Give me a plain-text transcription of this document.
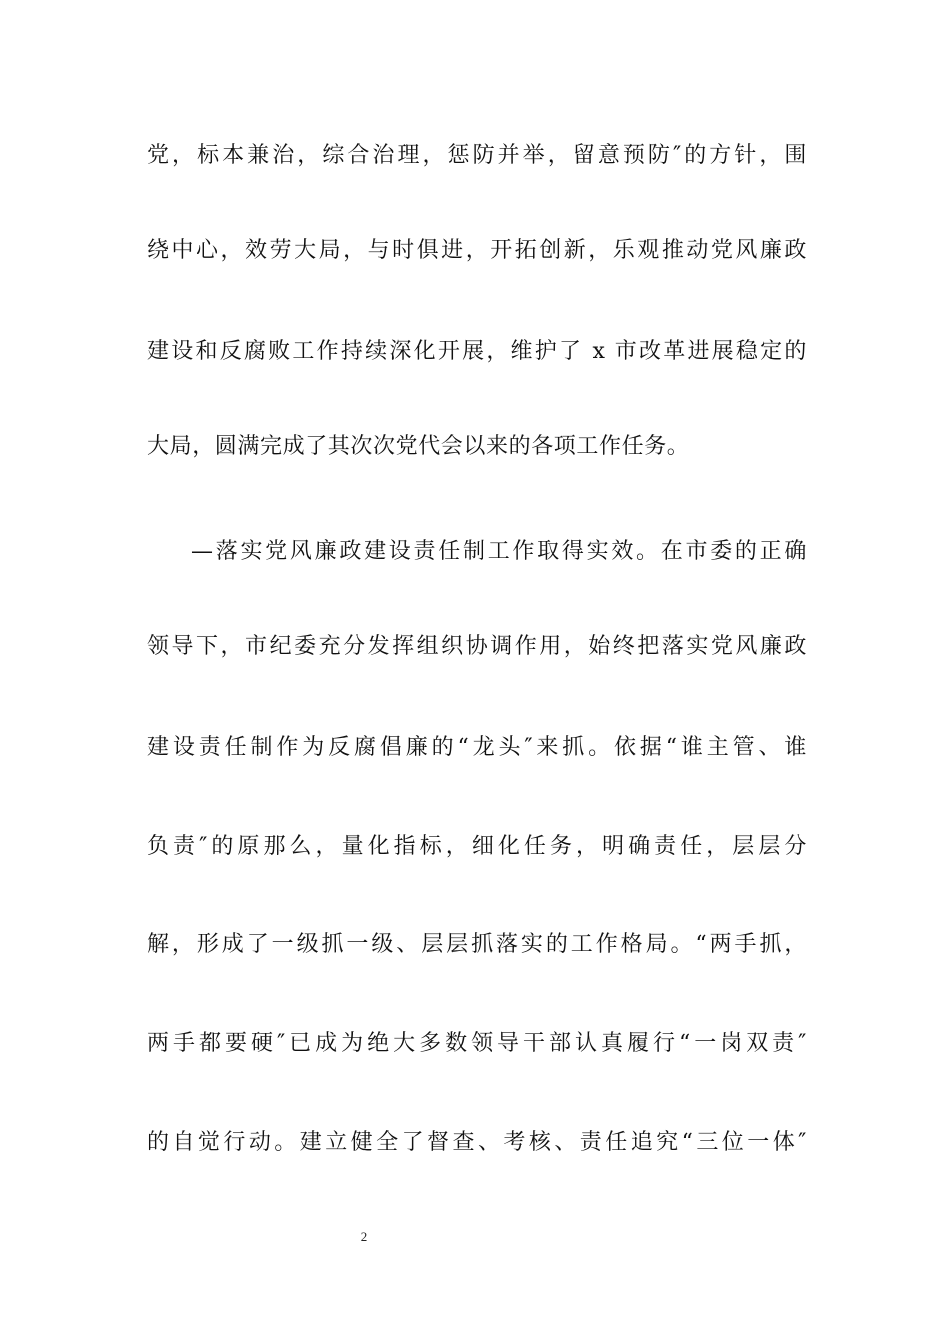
党，标本兼治，综合治理，惩防并举，留意预防″的方针，围
绕中心，效劳大局，与时俱进，开拓创新，乐观推动党风廉政
建设和反腐败工作持续深化开展，维护了 x 市改革进展稳定的
大局，圆满完成了其次次党代会以来的各项工作任务。
—落实党风廉政建设责任制工作取得实效。在市委的正确
领导下，市纪委充分发挥组织协调作用，始终把落实党风廉政
建设责任制作为反腐倡廉的“龙头″来抓。依据“谁主管、谁
负责″的原那么，量化指标，细化任务，明确责任，层层分
解，形成了一级抓一级、层层抓落实的工作格局。“两手抓，
两手都要硬″已成为绝大多数领导干部认真履行“一岗双责″
的自觉行动。建立健全了督查、考核、责任追究“三位一体″
2
